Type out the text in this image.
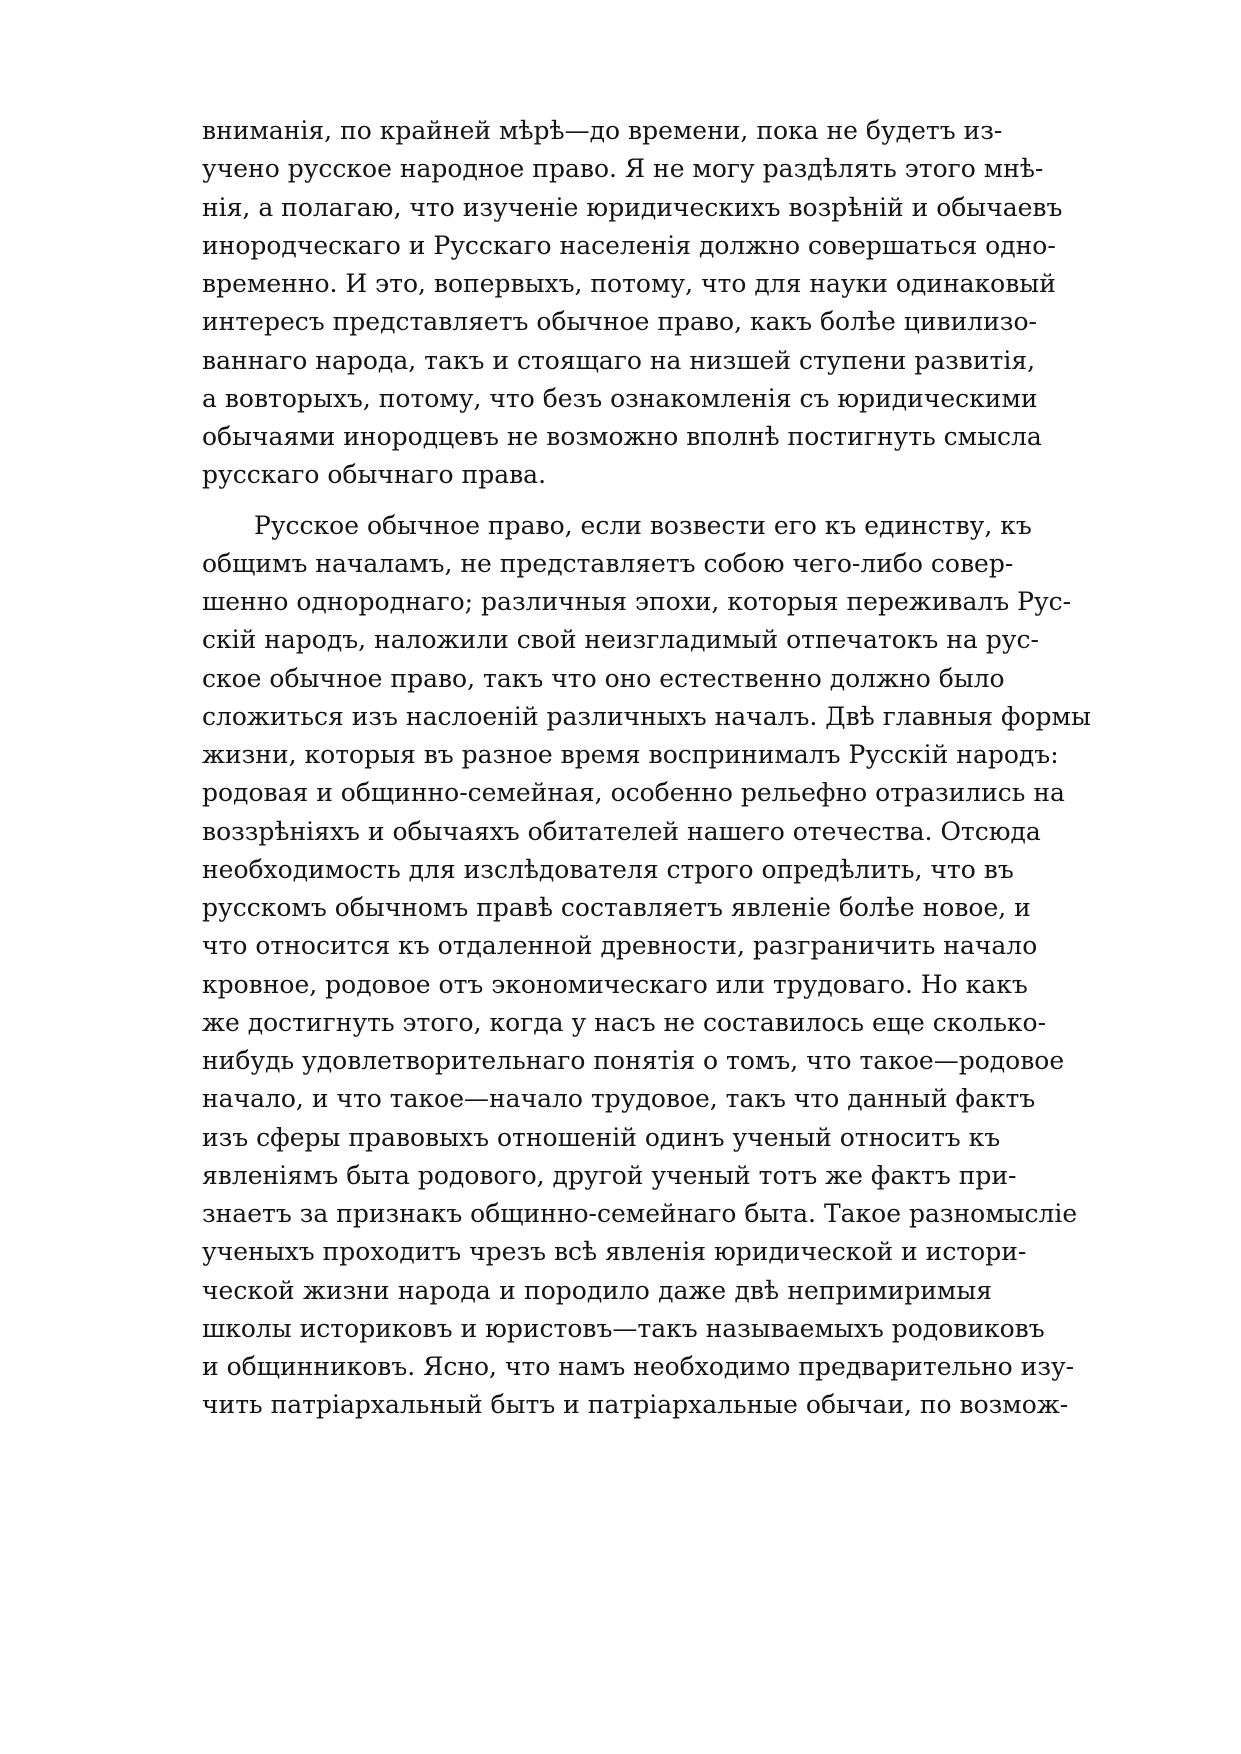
вниманія, по крайней мѣрѣ—до времени, пока не будетъ из-
учено русское народное право. Я не могу раздѣлять этого мнѣ-
нія, а полагаю, что изученіе юридическихъ возрѣній и обычаевъ
инородческаго и Русскаго населенія должно совершаться одно-
временно. И это, вопервыхъ, потому, что для науки одинаковый
интересъ представляетъ обычное право, какъ болѣе цивилизо-
ваннаго народа, такъ и стоящаго на низшей ступени развитія,
а вовторыхъ, потому, что безъ ознакомленія съ юридическими
обычаями инородцевъ не возможно вполнѣ постигнуть смысла
русскаго обычнаго права.
Русское обычное право, если возвести его къ единству, къ
общимъ началамъ, не представляетъ собою чего-либо совер-
шенно однороднаго; различныя эпохи, которыя переживалъ Рус-
скій народъ, наложили свой неизгладимый отпечатокъ на рус-
ское обычное право, такъ что оно естественно должно было
сложиться изъ наслоеній различныхъ началъ. Двѣ главныя формы
жизни, которыя въ разное время воспринималъ Русскій народъ:
родовая и общинно-семейная, особенно рельефно отразились на
воззрѣніяхъ и обычаяхъ обитателей нашего отечества. Отсюда
необходимость для изслѣдователя строго опредѣлить, что въ
русскомъ обычномъ правѣ составляетъ явленіе болѣе новое, и
что относится къ отдаленной древности, разграничить начало
кровное, родовое отъ экономическаго или трудоваго. Но какъ
же достигнуть этого, когда у насъ не составилось еще сколько-
нибудь удовлетворительнаго понятія о томъ, что такое—родовое
начало, и что такое—начало трудовое, такъ что данный фактъ
изъ сферы правовыхъ отношеній одинъ ученый относитъ къ
явленіямъ быта родового, другой ученый тотъ же фактъ при-
знаетъ за признакъ общинно-семейнаго быта. Такое разномысліе
ученыхъ проходитъ чрезъ всѣ явленія юридической и истори-
ческой жизни народа и породило даже двѣ непримиримыя
школы историковъ и юристовъ—такъ называемыхъ родовиковъ
и общинниковъ. Ясно, что намъ необходимо предварительно изу-
чить патріархальный бытъ и патріархальные обычаи, по возмож-
